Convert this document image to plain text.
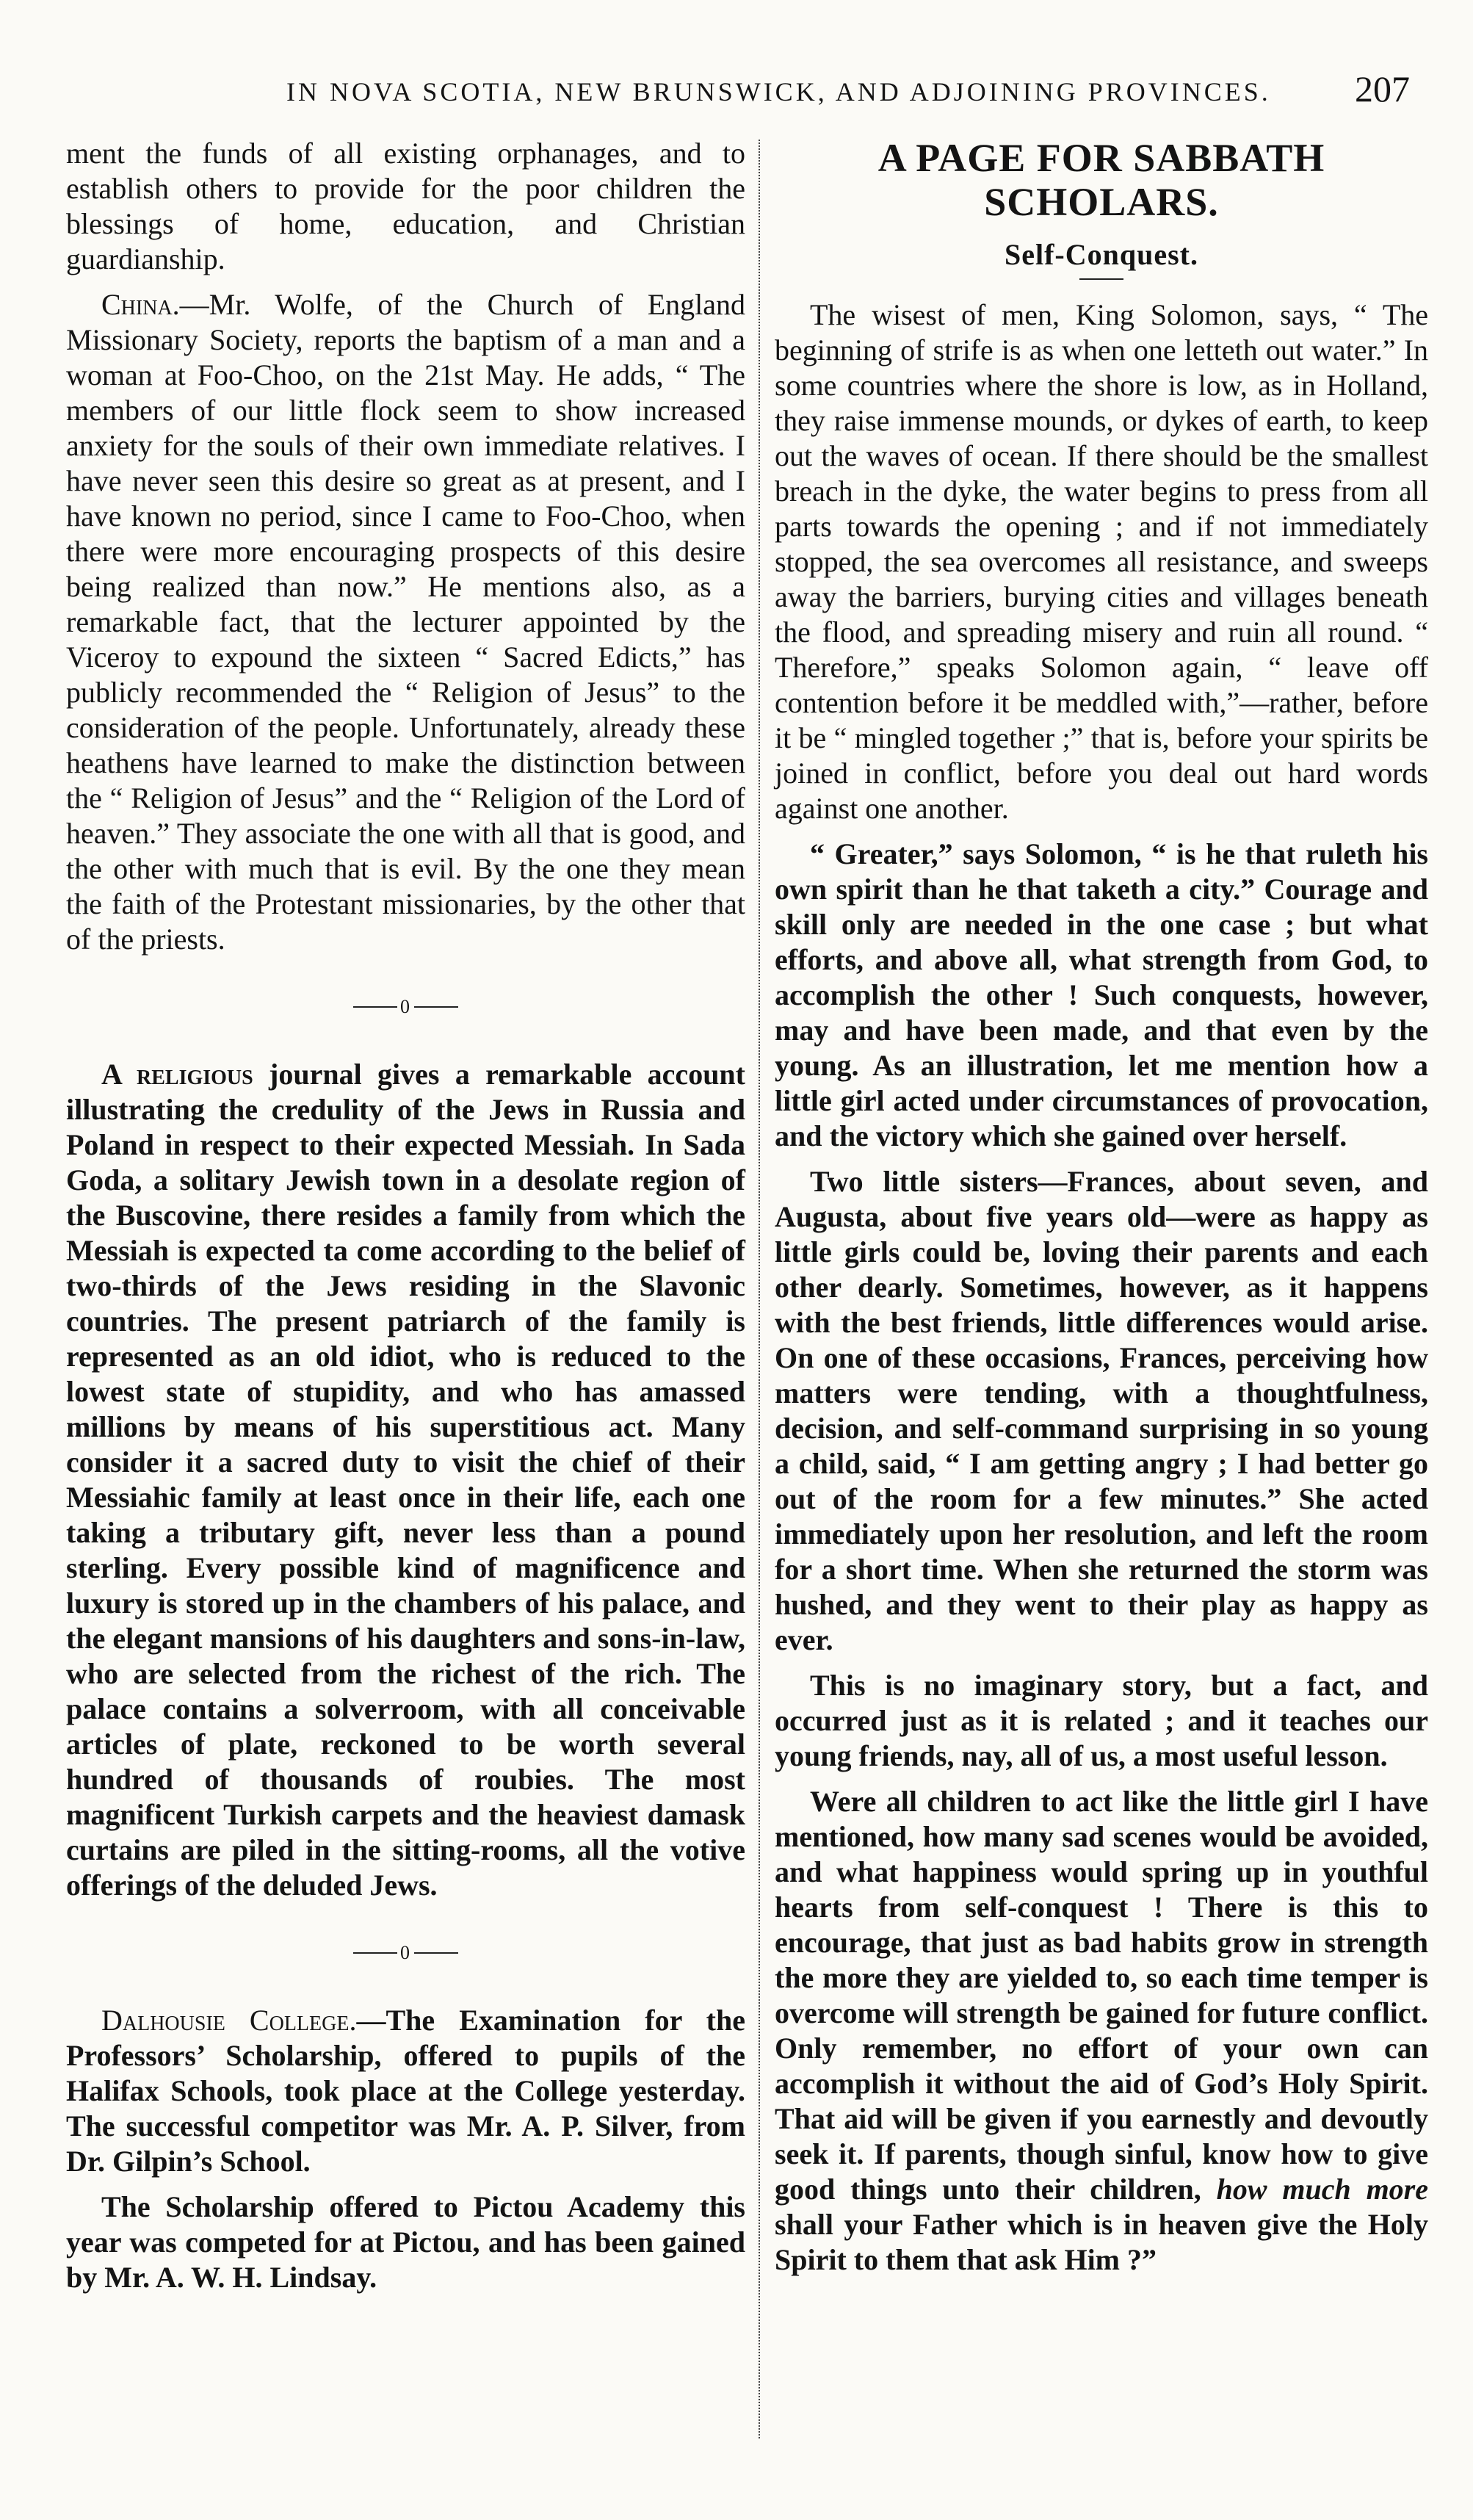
IN NOVA SCOTIA, NEW BRUNSWICK, AND ADJOINING PROVINCES. 207

ment the funds of all existing orphanages, and to establish others to provide for the poor children the blessings of home, education, and Christian guardianship.

China.—Mr. Wolfe, of the Church of England Missionary Society, reports the baptism of a man and a woman at Foo-Choo, on the 21st May. He adds, “ The members of our little flock seem to show increased anxiety for the souls of their own immediate relatives. I have never seen this desire so great as at present, and I have known no period, since I came to Foo-Choo, when there were more encouraging prospects of this desire being realized than now.” He mentions also, as a remarkable fact, that the lecturer appointed by the Viceroy to expound the sixteen “ Sacred Edicts,” has publicly recommended the “ Religion of Jesus” to the consideration of the people. Unfortunately, already these heathens have learned to make the distinction between the “ Religion of Jesus” and the “ Religion of the Lord of heaven.” They associate the one with all that is good, and the other with much that is evil. By the one they mean the faith of the Protestant missionaries, by the other that of the priests.

0

A religious journal gives a remarkable account illustrating the credulity of the Jews in Russia and Poland in respect to their expected Messiah. In Sada Goda, a solitary Jewish town in a desolate region of the Buscovine, there resides a family from which the Messiah is expected ta come according to the belief of two-thirds of the Jews residing in the Slavonic countries. The present patriarch of the family is represented as an old idiot, who is reduced to the lowest state of stupidity, and who has amassed millions by means of his superstitious act. Many consider it a sacred duty to visit the chief of their Messiahic family at least once in their life, each one taking a tributary gift, never less than a pound sterling. Every possible kind of magnificence and luxury is stored up in the chambers of his palace, and the elegant mansions of his daughters and sons-in-law, who are selected from the richest of the rich. The palace contains a solverroom, with all conceivable articles of plate, reckoned to be worth several hundred of thousands of roubies. The most magnificent Turkish carpets and the heaviest damask curtains are piled in the sitting-rooms, all the votive offerings of the deluded Jews.

0

Dalhousie College.—The Examination for the Professors’ Scholarship, offered to pupils of the Halifax Schools, took place at the College yesterday. The successful competitor was Mr. A. P. Silver, from Dr. Gilpin’s School.

The Scholarship offered to Pictou Academy this year was competed for at Pictou, and has been gained by Mr. A. W. H. Lindsay.

A PAGE FOR SABBATH SCHOLARS.
Self-Conquest.

The wisest of men, King Solomon, says, “ The beginning of strife is as when one letteth out water.” In some countries where the shore is low, as in Holland, they raise immense mounds, or dykes of earth, to keep out the waves of ocean. If there should be the smallest breach in the dyke, the water begins to press from all parts towards the opening ; and if not immediately stopped, the sea overcomes all resistance, and sweeps away the barriers, burying cities and villages beneath the flood, and spreading misery and ruin all round. “ Therefore,” speaks Solomon again, “ leave off contention before it be meddled with,”—rather, before it be “ mingled together ;” that is, before your spirits be joined in conflict, before you deal out hard words against one another.

“ Greater,” says Solomon, “ is he that ruleth his own spirit than he that taketh a city.” Courage and skill only are needed in the one case ; but what efforts, and above all, what strength from God, to accomplish the other ! Such conquests, however, may and have been made, and that even by the young. As an illustration, let me mention how a little girl acted under circumstances of provocation, and the victory which she gained over herself.

Two little sisters—Frances, about seven, and Augusta, about five years old—were as happy as little girls could be, loving their parents and each other dearly. Sometimes, however, as it happens with the best friends, little differences would arise. On one of these occasions, Frances, perceiving how matters were tending, with a thoughtfulness, decision, and self-command surprising in so young a child, said, “ I am getting angry ; I had better go out of the room for a few minutes.” She acted immediately upon her resolution, and left the room for a short time. When she returned the storm was hushed, and they went to their play as happy as ever.

This is no imaginary story, but a fact, and occurred just as it is related ; and it teaches our young friends, nay, all of us, a most useful lesson.

Were all children to act like the little girl I have mentioned, how many sad scenes would be avoided, and what happiness would spring up in youthful hearts from self-conquest ! There is this to encourage, that just as bad habits grow in strength the more they are yielded to, so each time temper is overcome will strength be gained for future conflict. Only remember, no effort of your own can accomplish it without the aid of God’s Holy Spirit. That aid will be given if you earnestly and devoutly seek it. If parents, though sinful, know how to give good things unto their children, how much more shall your Father which is in heaven give the Holy Spirit to them that ask Him ?”
